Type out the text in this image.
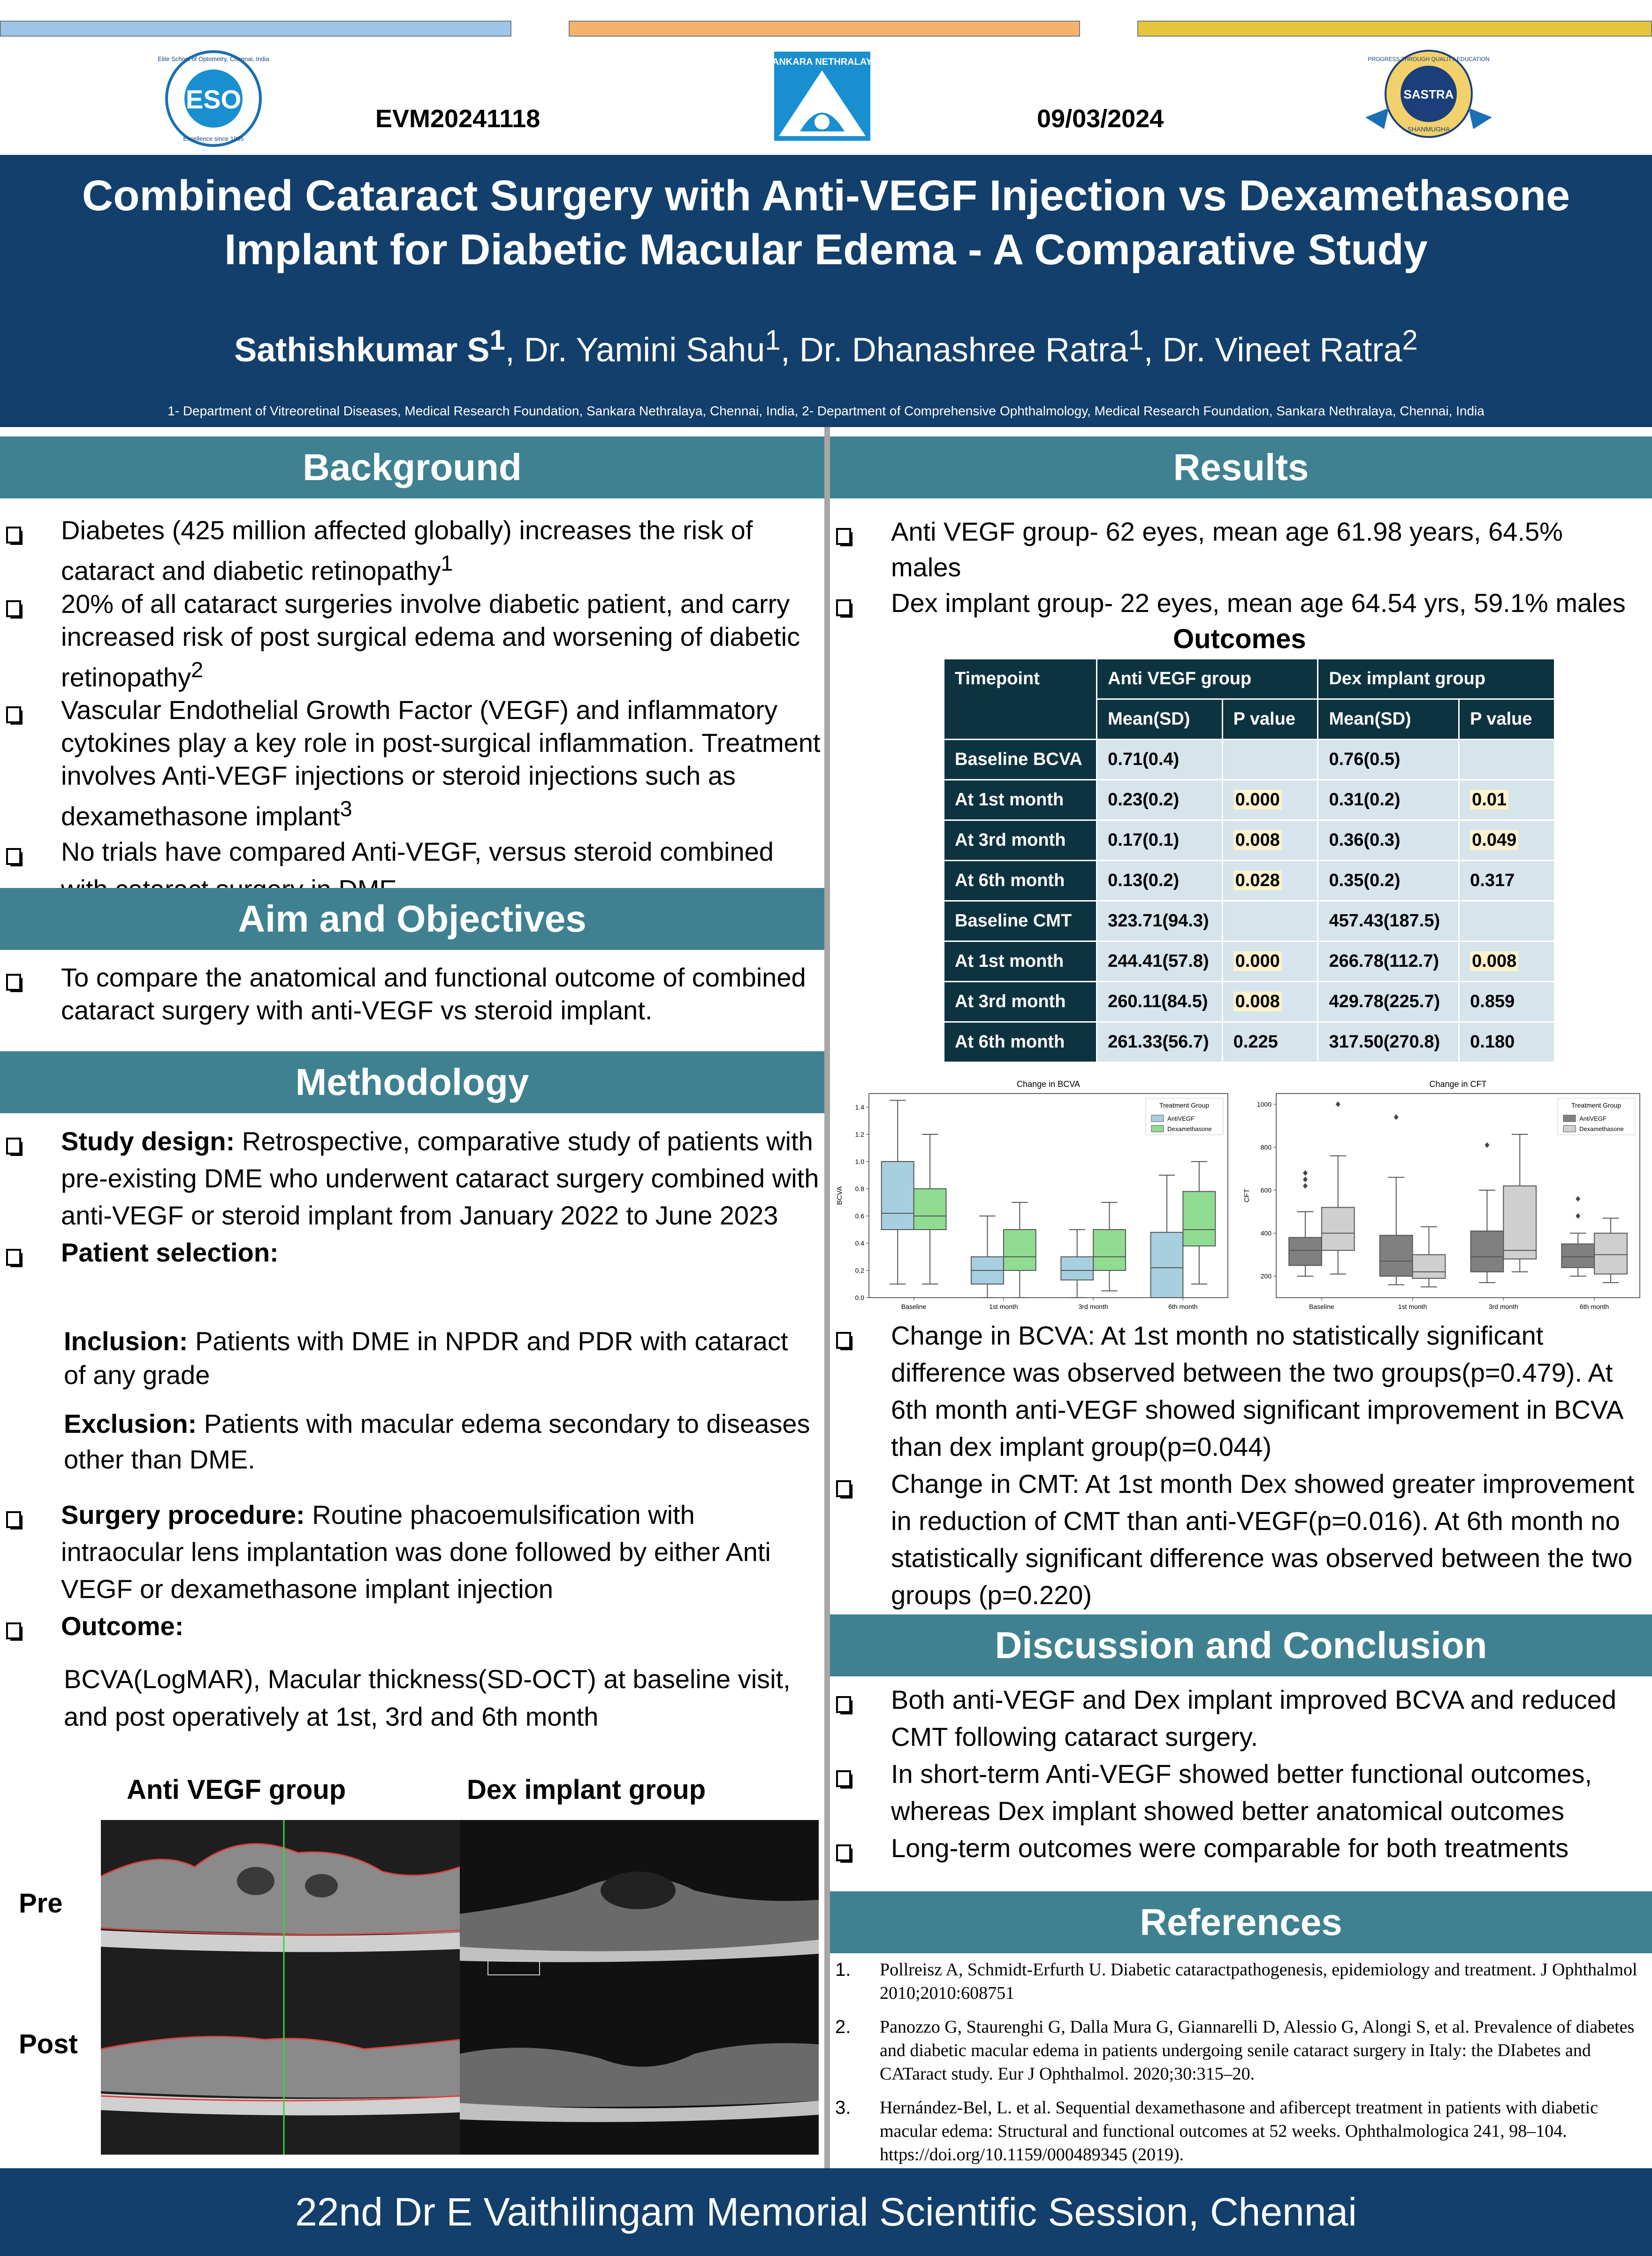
ESO
Elite School of Optometry, Chennai, India
Excellence since 1985
EVM20241118
SANKARA NETHRALAYA
09/03/2024
SASTRA
PROGRESS THROUGH QUALITY EDUCATION
SHANMUGHA
Combined Cataract Surgery with Anti-VEGF Injection vs Dexamethasone
Implant for Diabetic Macular Edema - A Comparative Study
Sathishkumar $S^1$, Dr. Yamini Sahu$^1$, Dr. Dhanashree Ratra$^1$, Dr. Vineet Ratra$^2$
1- Department of Vitreoretinal Diseases, Medical Research Foundation, Sankara Nethralaya, Chennai, India, 2- Department of Comprehensive Ophthalmology, Medical Research Foundation, Sankara Nethralaya, Chennai, India
Background
Diabetes (425 million affected globally) increases the risk of cataract and diabetic retinopathy$^1$
20% of all cataract surgeries involve diabetic patient, and carry increased risk of post surgical edema and worsening of diabetic retinopathy$^2$
Vascular Endothelial Growth Factor (VEGF) and inflammatory cytokines play a key role in post-surgical inflammation. Treatment involves Anti-VEGF injections or steroid injections such as dexamethasone implant$^3$
No trials have compared Anti-VEGF, versus steroid combined
Aim and Objectives
To compare the anatomical and functional outcome of combined cataract surgery with anti-VEGF vs steroid implant.
Methodology
Study design: Retrospective, comparative study of patients with pre-existing DME who underwent cataract surgery combined with anti-VEGF or steroid implant from January 2022 to June 2023
Patient selection:
Inclusion: Patients with DME in NPDR and PDR with cataract of any grade
Exclusion: Patients with macular edema secondary to diseases other than DME.
Surgery procedure: Routine phacoemulsification with intraocular lens implantation was done followed by either Anti VEGF or dexamethasone implant injection
Outcome:
BCVA(LogMAR), Macular thickness(SD-OCT) at baseline visit, and post operatively at 1st, 3rd and 6th month
Anti VEGF group	Dex implant group
Pre
Post
Results
Anti VEGF group- 62 eyes, mean age 61.98 years, 64.5% males
Dex implant group- 22 eyes, mean age 64.54 yrs, 59.1% males
Outcomes
Timepoint	Anti VEGF group		Dex implant group	
	Mean(SD)	P value	Mean(SD)	P value
Baseline BCVA	0.71(0.4)		0.76(0.5)	
At 1st month	0.23(0.2)	0.000	0.31(0.2)	0.01
At 3rd month	0.17(0.1)	0.008	0.36(0.3)	0.049
At 6th month	0.13(0.2)	0.028	0.35(0.2)	0.317
Baseline CMT	323.71(94.3)		457.43(187.5)	
At 1st month	244.41(57.8)	0.000	266.78(112.7)	0.008
At 3rd month	260.11(84.5)	0.008	429.78(225.7)	0.859
At 6th month	261.33(56.7)	0.225	317.50(270.8)	0.180
Change in BCVA
BCVA
0.0
0.2
0.4
0.6
0.8
1.0
1.2
1.4
Baseline	1st month	3rd month	6th month
Treatment Group
AntiVEGF
Dexamethasone
Change in CFT
CFT
200
400
600
800
1000
Baseline	1st month	3rd month	6th month
Treatment Group
AntiVEGF
Dexamethasone
Change in BCVA: At 1st month no statistically significant difference was observed between the two groups(p=0.479). At 6th month anti-VEGF showed significant improvement in BCVA than dex implant group(p=0.044)
Change in CMT: At 1st month Dex showed greater improvement in reduction of CMT than anti-VEGF(p=0.016). At 6th month no statistically significant difference was observed between the two groups (p=0.220)
Discussion and Conclusion
Both anti-VEGF and Dex implant improved BCVA and reduced CMT following cataract surgery.
In short-term Anti-VEGF showed better functional outcomes, whereas Dex implant showed better anatomical outcomes
Long-term outcomes were comparable for both treatments
References
1. Pollreisz A, Schmidt-Erfurth U. Diabetic cataractpathogenesis, epidemiology and treatment. J Ophthalmol 2010;2010:608751
2. Panozzo G, Staurenghi G, Dalla Mura G, Giannarelli D, Alessio G, Alongi S, et al. Prevalence of diabetes and diabetic macular edema in patients undergoing senile cataract surgery in Italy: the DIabetes and CATaract study. Eur J Ophthalmol. 2020;30:315–20.
3. Hernández-Bel, L. et al. Sequential dexamethasone and afibercept treatment in patients with diabetic macular edema: Structural and functional outcomes at 52 weeks. Ophthalmologica 241, 98–104. https://doi.org/10.1159/000489345 (2019).
22nd Dr E Vaithilingam Memorial Scientific Session, Chennai
